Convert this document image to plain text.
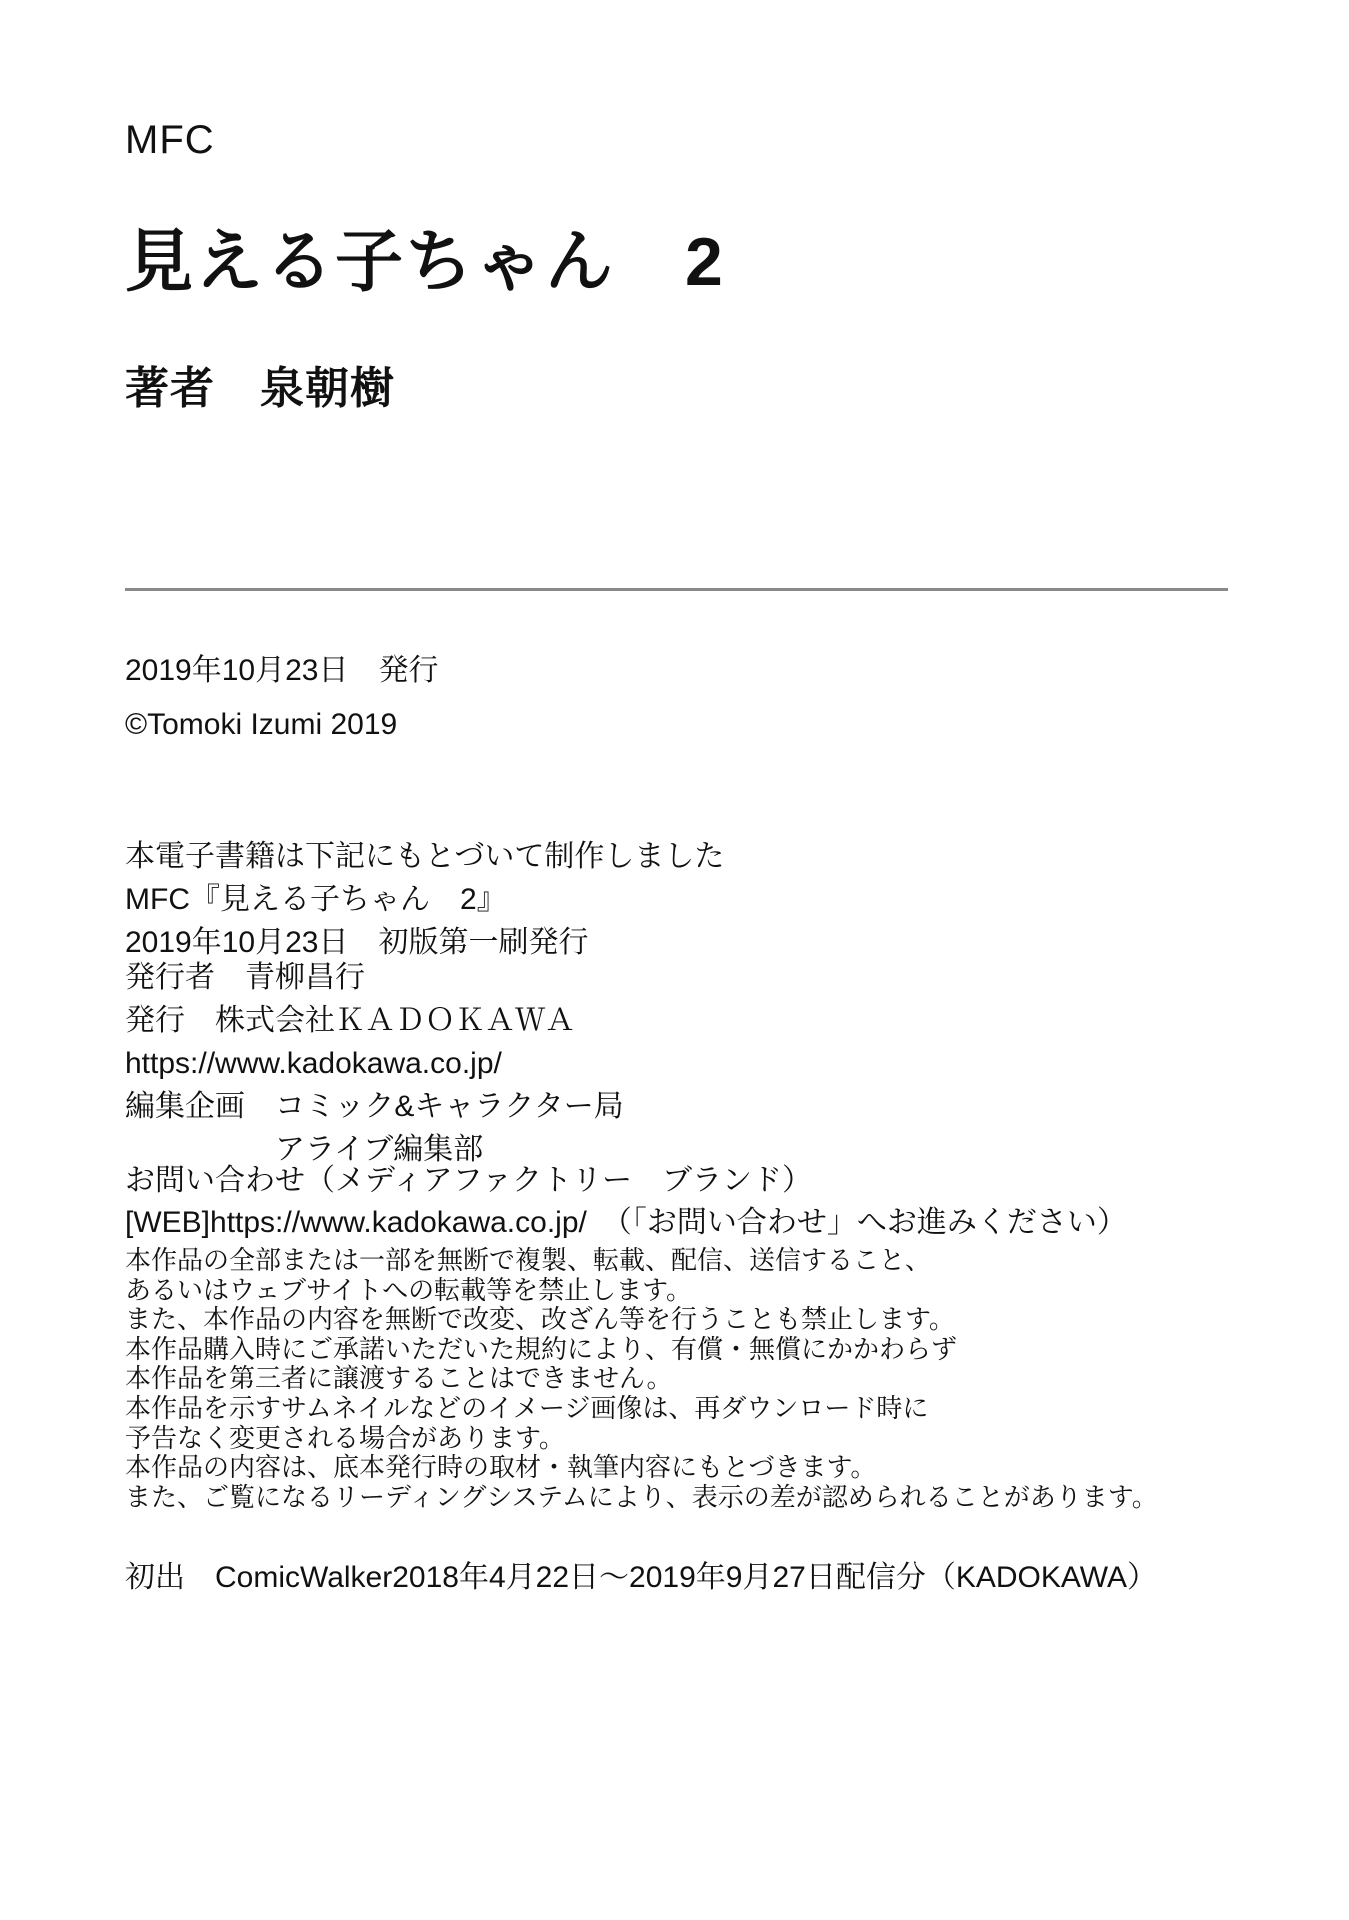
MFC
見える子ちゃん　2
著者　泉朝樹
2019年10月23日　発行
©Tomoki Izumi 2019
本電子書籍は下記にもとづいて制作しました
MFC『見える子ちゃん　2』
2019年10月23日　初版第一刷発行
発行者　青柳昌行
発行　株式会社ＫＡＤＯＫＡＷＡ
https://www.kadokawa.co.jp/
編集企画　コミック&キャラクター局
アライブ編集部
お問い合わせ（メディアファクトリー　ブランド）
[WEB]https://www.kadokawa.co.jp/　（「お問い合わせ」へお進みください）
本作品の全部または一部を無断で複製、転載、配信、送信すること、
あるいはウェブサイトへの転載等を禁止します。
また、本作品の内容を無断で改変、改ざん等を行うことも禁止します。
本作品購入時にご承諾いただいた規約により、有償・無償にかかわらず
本作品を第三者に譲渡することはできません。
本作品を示すサムネイルなどのイメージ画像は、再ダウンロード時に
予告なく変更される場合があります。
本作品の内容は、底本発行時の取材・執筆内容にもとづきます。
また、ご覧になるリーディングシステムにより、表示の差が認められることがあります。
初出　ComicWalker2018年4月22日～2019年9月27日配信分（KADOKAWA）
